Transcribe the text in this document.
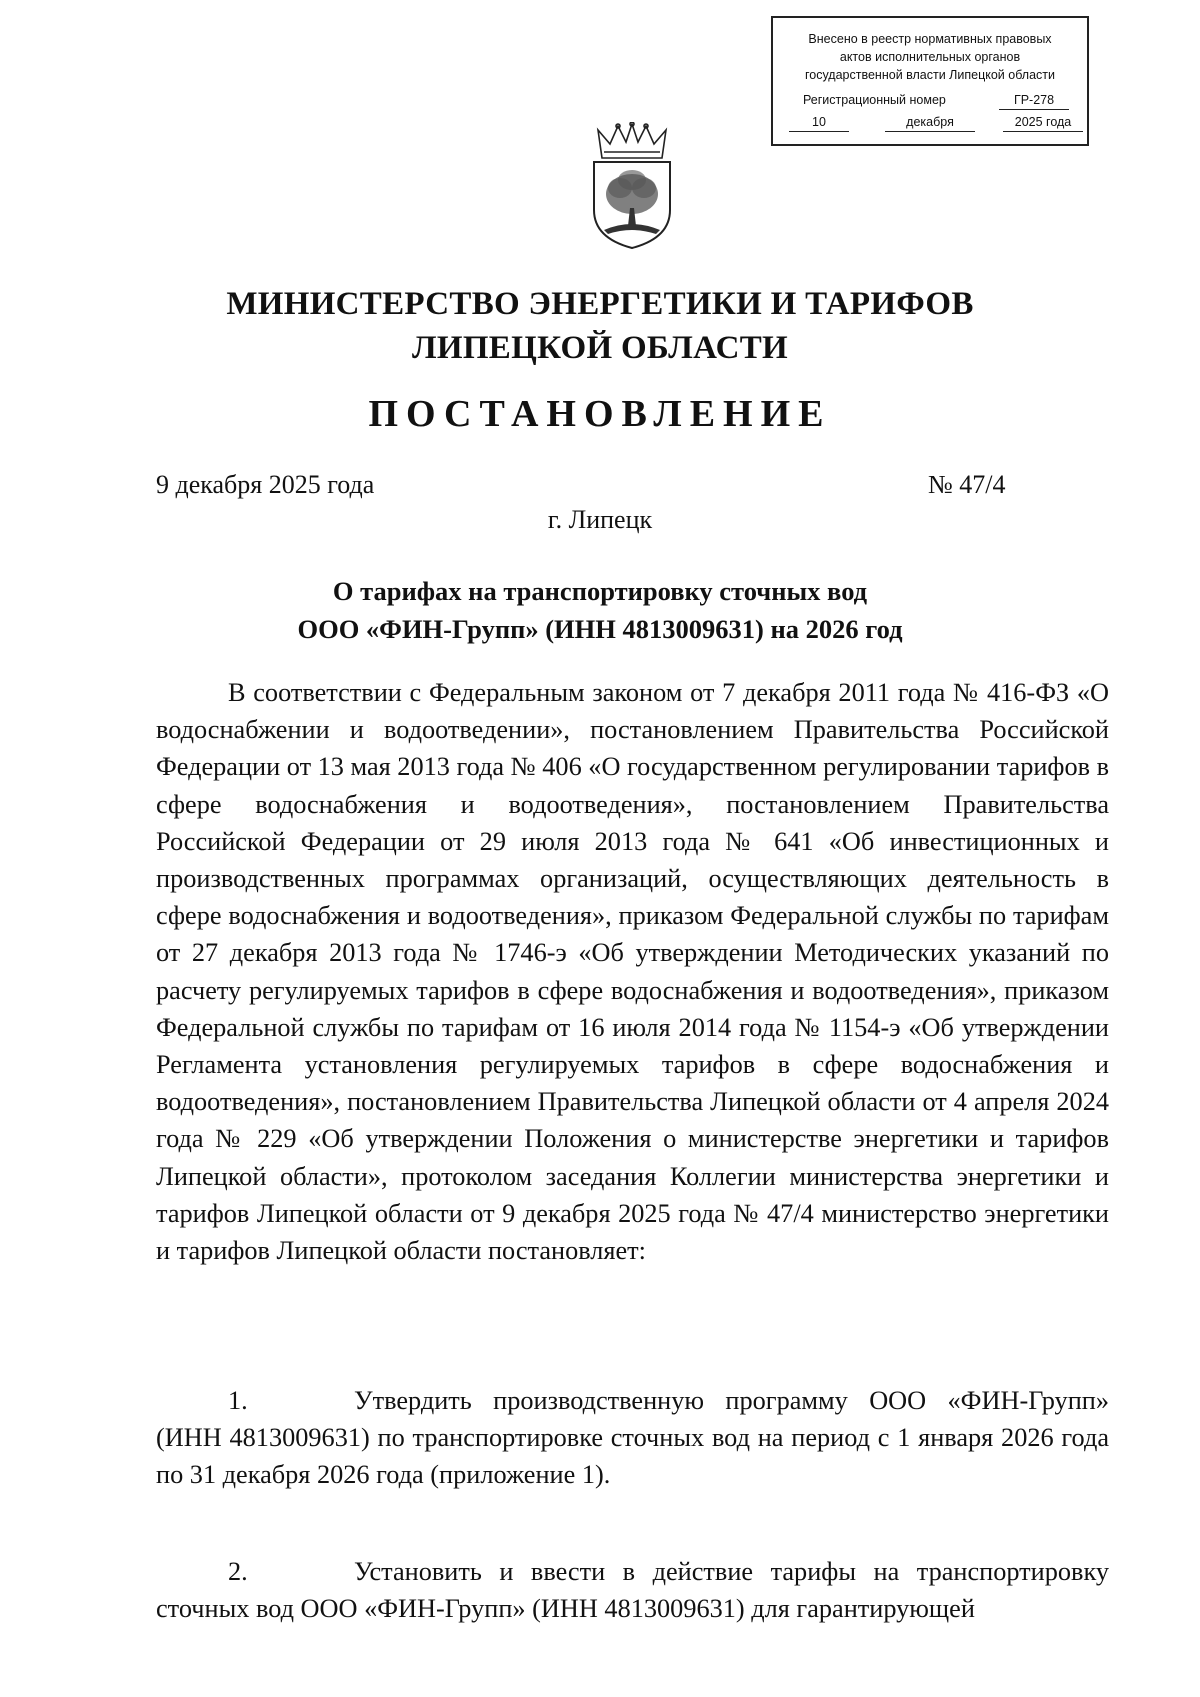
Внесено в реестр нормативных правовых
актов исполнительных органов
государственной власти Липецкой области
Регистрационный номер	ГР-278
10	декабря	2025 года
МИНИСТЕРСТВО ЭНЕРГЕТИКИ И ТАРИФОВ
ЛИПЕЦКОЙ ОБЛАСТИ
ПОСТАНОВЛЕНИЕ
9 декабря 2025 года	№ 47/4
г. Липецк
О тарифах на транспортировку сточных вод
ООО «ФИН-Групп» (ИНН 4813009631) на 2026 год
В соответствии с Федеральным законом от 7 декабря 2011 года № 416-ФЗ «О водоснабжении и водоотведении», постановлением Правительства Российской Федерации от 13 мая 2013 года № 406 «О государственном регулировании тарифов в сфере водоснабжения и водоотведения», постановлением Правительства Российской Федерации от 29 июля 2013 года № 641 «Об инвестиционных и производственных программах организаций, осуществляющих деятельность в сфере водоснабжения и водоотведения», приказом Федеральной службы по тарифам от 27 декабря 2013 года № 1746-э «Об утверждении Методических указаний по расчету регулируемых тарифов в сфере водоснабжения и водоотведения», приказом Федеральной службы по тарифам от 16 июля 2014 года № 1154-э «Об утверждении Регламента установления регулируемых тарифов в сфере водоснабжения и водоотведения», постановлением Правительства Липецкой области от 4 апреля 2024 года № 229 «Об утверждении Положения о министерстве энергетики и тарифов Липецкой области», протоколом заседания Коллегии министерства энергетики и тарифов Липецкой области от 9 декабря 2025 года № 47/4 министерство энергетики и тарифов Липецкой области постановляет:
1.	Утвердить производственную программу ООО «ФИН-Групп» (ИНН 4813009631) по транспортировке сточных вод на период с 1 января 2026 года по 31 декабря 2026 года (приложение 1).
2.	Установить и ввести в действие тарифы на транспортировку сточных вод ООО «ФИН-Групп» (ИНН 4813009631) для гарантирующей
